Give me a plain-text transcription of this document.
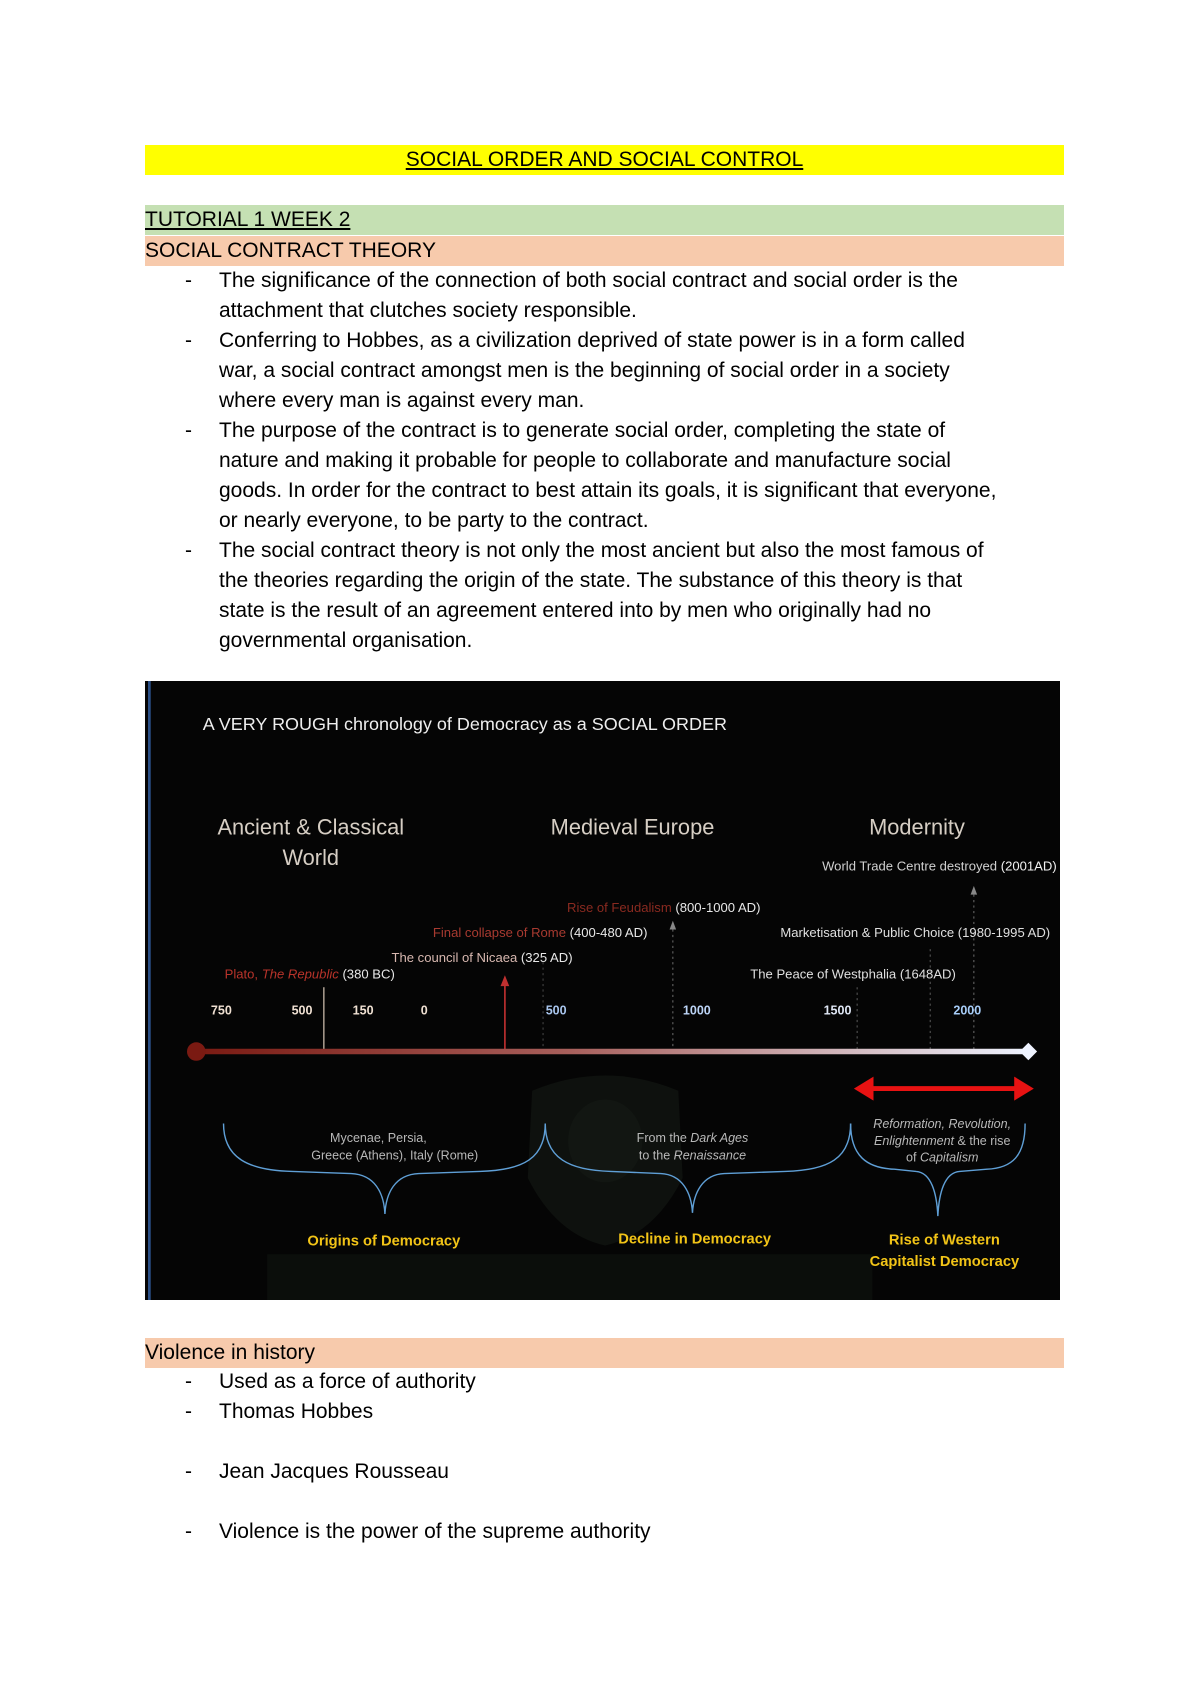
SOCIAL ORDER AND SOCIAL CONTROL
TUTORIAL 1 WEEK 2
SOCIAL CONTRACT THEORY
- The significance of the connection of both social contract and social order is the
attachment that clutches society responsible.
- Conferring to Hobbes, as a civilization deprived of state power is in a form called
war, a social contract amongst men is the beginning of social order in a society
where every man is against every man.
- The purpose of the contract is to generate social order, completing the state of
nature and making it probable for people to collaborate and manufacture social
goods. In order for the contract to best attain its goals, it is significant that everyone,
or nearly everyone, to be party to the contract.
- The social contract theory is not only the most ancient but also the most famous of
the theories regarding the origin of the state. The substance of this theory is that
state is the result of an agreement entered into by men who originally had no
governmental organisation.
A VERY ROUGH chronology of Democracy as a SOCIAL ORDER
Ancient & Classical
World
Medieval Europe	Modernity
World Trade Centre destroyed (2001AD)
Rise of Feudalism (800-1000 AD)
Final collapse of Rome (400-480 AD)	Marketisation & Public Choice (1980-1995 AD)
The council of Nicaea (325 AD)
Plato, The Republic (380 BC)	The Peace of Westphalia (1648AD)
750	500	150	0	500	1000	1500	2000
Mycenae, Persia,
Greece (Athens), Italy (Rome)
From the Dark Ages
to the Renaissance
Reformation, Revolution,
Enlightenment & the rise
of Capitalism
Origins of Democracy	Decline in Democracy	Rise of Western
Capitalist Democracy
Violence in history
- Used as a force of authority
- Thomas Hobbes
- Jean Jacques Rousseau
- Violence is the power of the supreme authority
